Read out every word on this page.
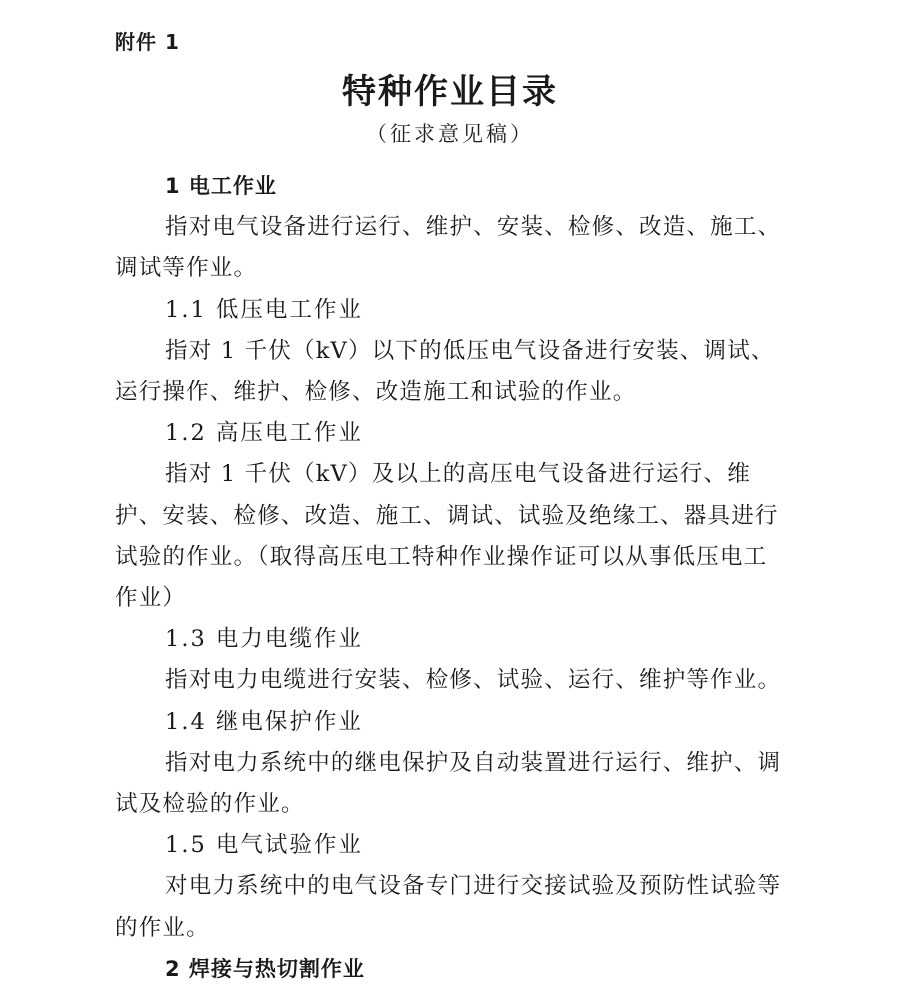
附件 1
特种作业目录
（征求意见稿）

1 电工作业

指对电气设备进行运行、维护、安装、检修、改造、施工、调试等作业。

1.1 低压电工作业

指对 1 千伏（kV）以下的低压电气设备进行安装、调试、运行操作、维护、检修、改造施工和试验的作业。

1.2 高压电工作业

指对 1 千伏（kV）及以上的高压电气设备进行运行、维护、安装、检修、改造、施工、调试、试验及绝缘工、器具进行试验的作业。（取得高压电工特种作业操作证可以从事低压电工作业）

1.3 电力电缆作业

指对电力电缆进行安装、检修、试验、运行、维护等作业。

1.4 继电保护作业

指对电力系统中的继电保护及自动装置进行运行、维护、调试及检验的作业。

1.5 电气试验作业

对电力系统中的电气设备专门进行交接试验及预防性试验等的作业。

2 焊接与热切割作业
